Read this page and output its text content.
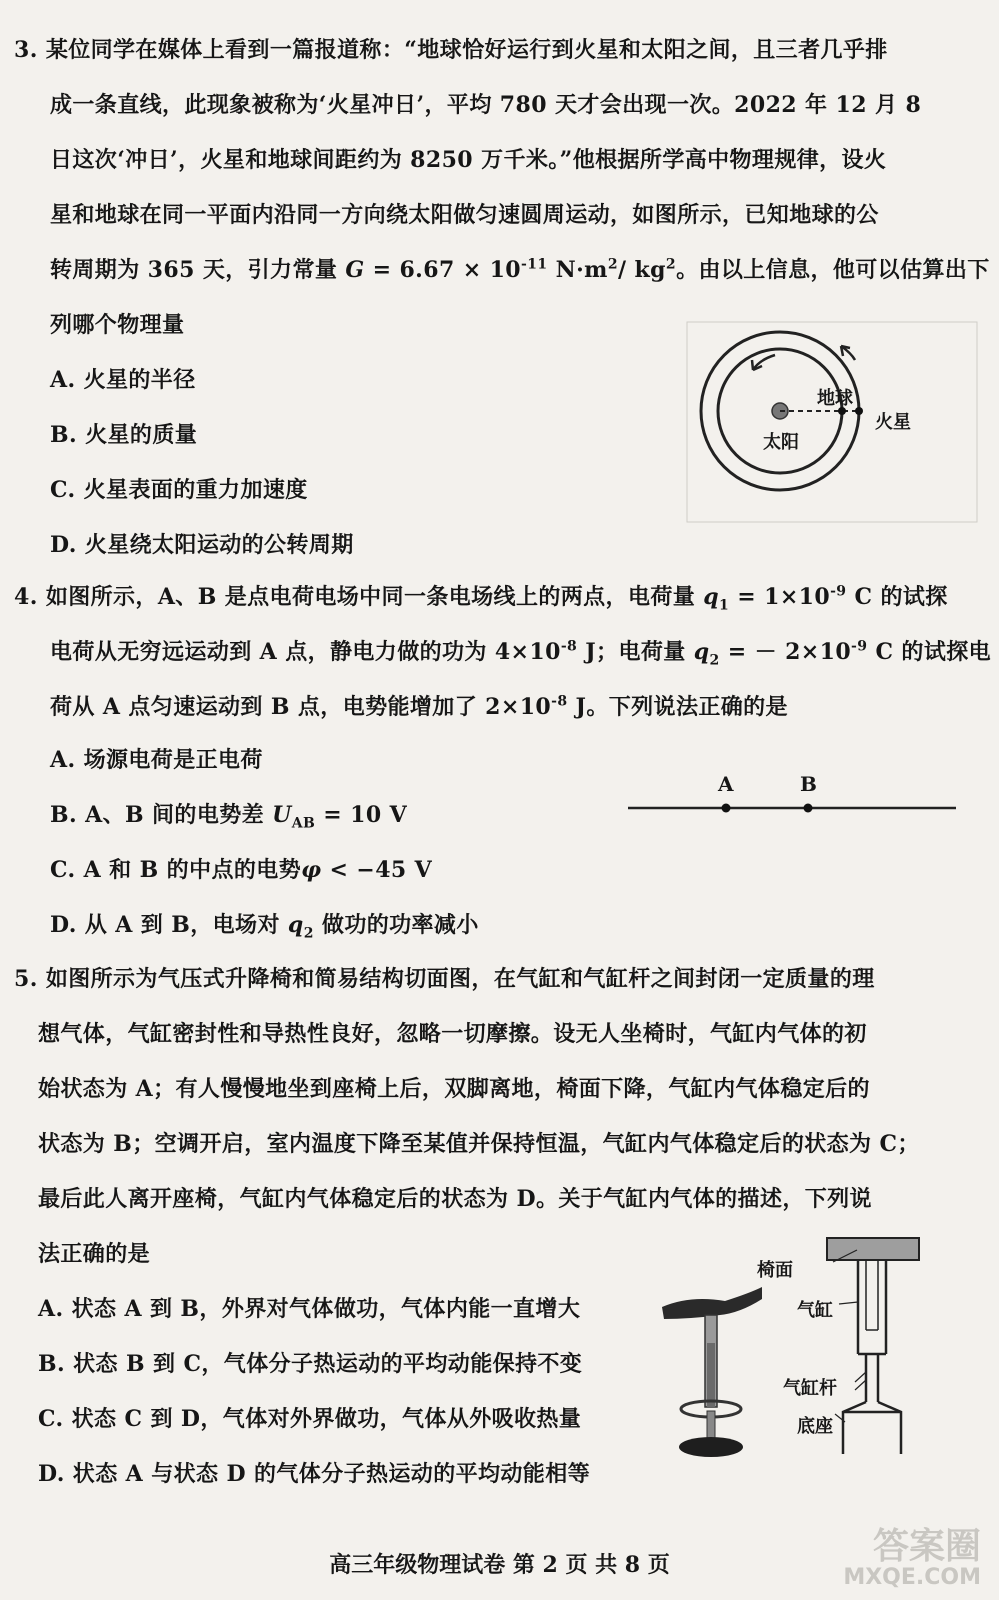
3. 某位同学在媒体上看到一篇报道称：“地球恰好运行到火星和太阳之间，且三者几乎排
成一条直线，此现象被称为‘火星冲日’，平均 780 天才会出现一次。2022 年 12 月 8
日这次‘冲日’，火星和地球间距约为 8250 万千米。”他根据所学高中物理规律，设火
星和地球在同一平面内沿同一方向绕太阳做匀速圆周运动，如图所示，已知地球的公
转周期为 365 天，引力常量 $G = 6.67 \times 10^{-11}$ $N\cdot m^2/$ $kg^2$。由以上信息，他可以估算出下
列哪个物理量
A. 火星的半径
B. 火星的质量
C. 火星表面的重力加速度
D. 火星绕太阳运动的公转周期
地球
火星
太阳
4. 如图所示，A、B 是点电荷电场中同一条电场线上的两点，电荷量 $q_1 = 1\times 10^{-9}$ C 的试探
电荷从无穷远运动到 A 点，静电力做的功为 $4\times 10^{-8}$ J；电荷量 $q_2$ = － $2\times 10^{-9}$ C 的试探电
荷从 A 点匀速运动到 B 点，电势能增加了 $2\times 10^{-8}$ J。下列说法正确的是
A. 场源电荷是正电荷
B. A、B 间的电势差 $U_{AB} = 10$ V
C. A 和 B 的中点的电势φ < −45 V
D. 从 A 到 B，电场对 $q_2$ 做功的功率减小
A	B
5. 如图所示为气压式升降椅和简易结构切面图，在气缸和气缸杆之间封闭一定质量的理
想气体，气缸密封性和导热性良好，忽略一切摩擦。设无人坐椅时，气缸内气体的初
始状态为 A；有人慢慢地坐到座椅上后，双脚离地，椅面下降，气缸内气体稳定后的
状态为 B；空调开启，室内温度下降至某值并保持恒温，气缸内气体稳定后的状态为 C；
最后此人离开座椅，气缸内气体稳定后的状态为 D。关于气缸内气体的描述，下列说
法正确的是
A. 状态 A 到 B，外界对气体做功，气体内能一直增大
B. 状态 B 到 C，气体分子热运动的平均动能保持不变
C. 状态 C 到 D，气体对外界做功，气体从外吸收热量
D. 状态 A 与状态 D 的气体分子热运动的平均动能相等
椅面
气缸
气缸杆
底座
高三年级物理试卷 第 2 页 共 8 页	答案圈
MXQE.COM
